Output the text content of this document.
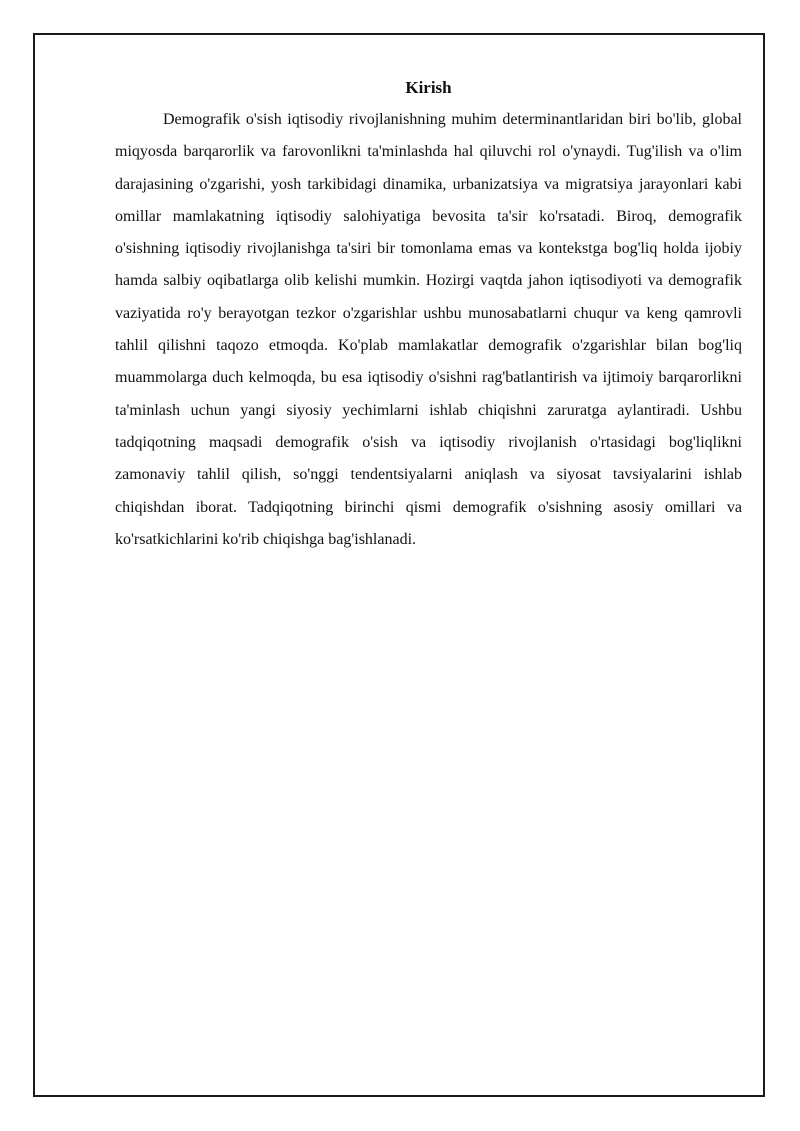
Kirish

Demografik o'sish iqtisodiy rivojlanishning muhim determinantlaridan biri bo'lib, global miqyosda barqarorlik va farovonlikni ta'minlashda hal qiluvchi rol o'ynaydi. Tug'ilish va o'lim darajasining o'zgarishi, yosh tarkibidagi dinamika, urbanizatsiya va migratsiya jarayonlari kabi omillar mamlakatning iqtisodiy salohiyatiga bevosita ta'sir ko'rsatadi. Biroq, demografik o'sishning iqtisodiy rivojlanishga ta'siri bir tomonlama emas va kontekstga bog'liq holda ijobiy hamda salbiy oqibatlarga olib kelishi mumkin. Hozirgi vaqtda jahon iqtisodiyoti va demografik vaziyatida ro'y berayotgan tezkor o'zgarishlar ushbu munosabatlarni chuqur va keng qamrovli tahlil qilishni taqozo etmoqda. Ko'plab mamlakatlar demografik o'zgarishlar bilan bog'liq muammolarga duch kelmoqda, bu esa iqtisodiy o'sishni rag'batlantirish va ijtimoiy barqarorlikni ta'minlash uchun yangi siyosiy yechimlarni ishlab chiqishni zaruratga aylantiradi. Ushbu tadqiqotning maqsadi demografik o'sish va iqtisodiy rivojlanish o'rtasidagi bog'liqlikni zamonaviy tahlil qilish, so'nggi tendentsiyalarni aniqlash va siyosat tavsiyalarini ishlab chiqishdan iborat. Tadqiqotning birinchi qismi demografik o'sishning asosiy omillari va ko'rsatkichlarini ko'rib chiqishga bag'ishlanadi.
